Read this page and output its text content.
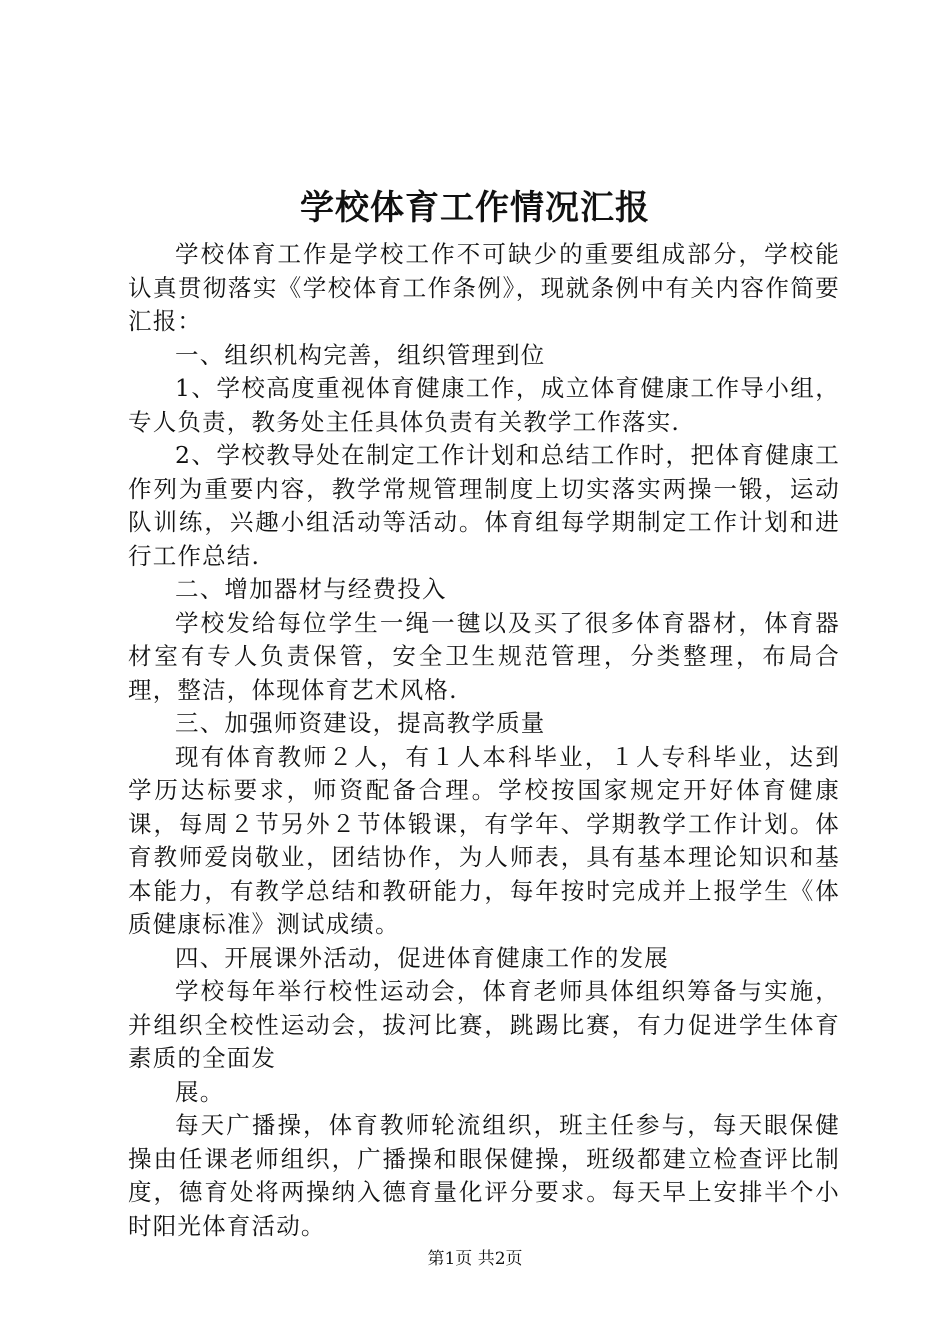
学校体育工作情况汇报

学校体育工作是学校工作不可缺少的重要组成部分，学校能认真贯彻落实《学校体育工作条例》，现就条例中有关内容作简要汇报：

一、组织机构完善，组织管理到位

1、学校高度重视体育健康工作，成立体育健康工作导小组，专人负责，教务处主任具体负责有关教学工作落实.

2、学校教导处在制定工作计划和总结工作时，把体育健康工作列为重要内容，教学常规管理制度上切实落实两操一锻，运动队训练，兴趣小组活动等活动。体育组每学期制定工作计划和进行工作总结.

二、增加器材与经费投入

学校发给每位学生一绳一毽以及买了很多体育器材，体育器材室有专人负责保管，安全卫生规范管理，分类整理，布局合理，整洁，体现体育艺术风格.

三、加强师资建设，提高教学质量

现有体育教师２人，有１人本科毕业，１人专科毕业，达到学历达标要求，师资配备合理。学校按国家规定开好体育健康课，每周２节另外２节体锻课，有学年、学期教学工作计划。体育教师爱岗敬业，团结协作，为人师表，具有基本理论知识和基本能力，有教学总结和教研能力，每年按时完成并上报学生《体质健康标准》测试成绩。

四、开展课外活动，促进体育健康工作的发展

学校每年举行校性运动会，体育老师具体组织筹备与实施，并组织全校性运动会，拔河比赛，跳踢比赛，有力促进学生体育素质的全面发

展。

每天广播操，体育教师轮流组织，班主任参与，每天眼保健操由任课老师组织，广播操和眼保健操，班级都建立检查评比制度，德育处将两操纳入德育量化评分要求。每天早上安排半个小时阳光体育活动。

第1页 共2页
